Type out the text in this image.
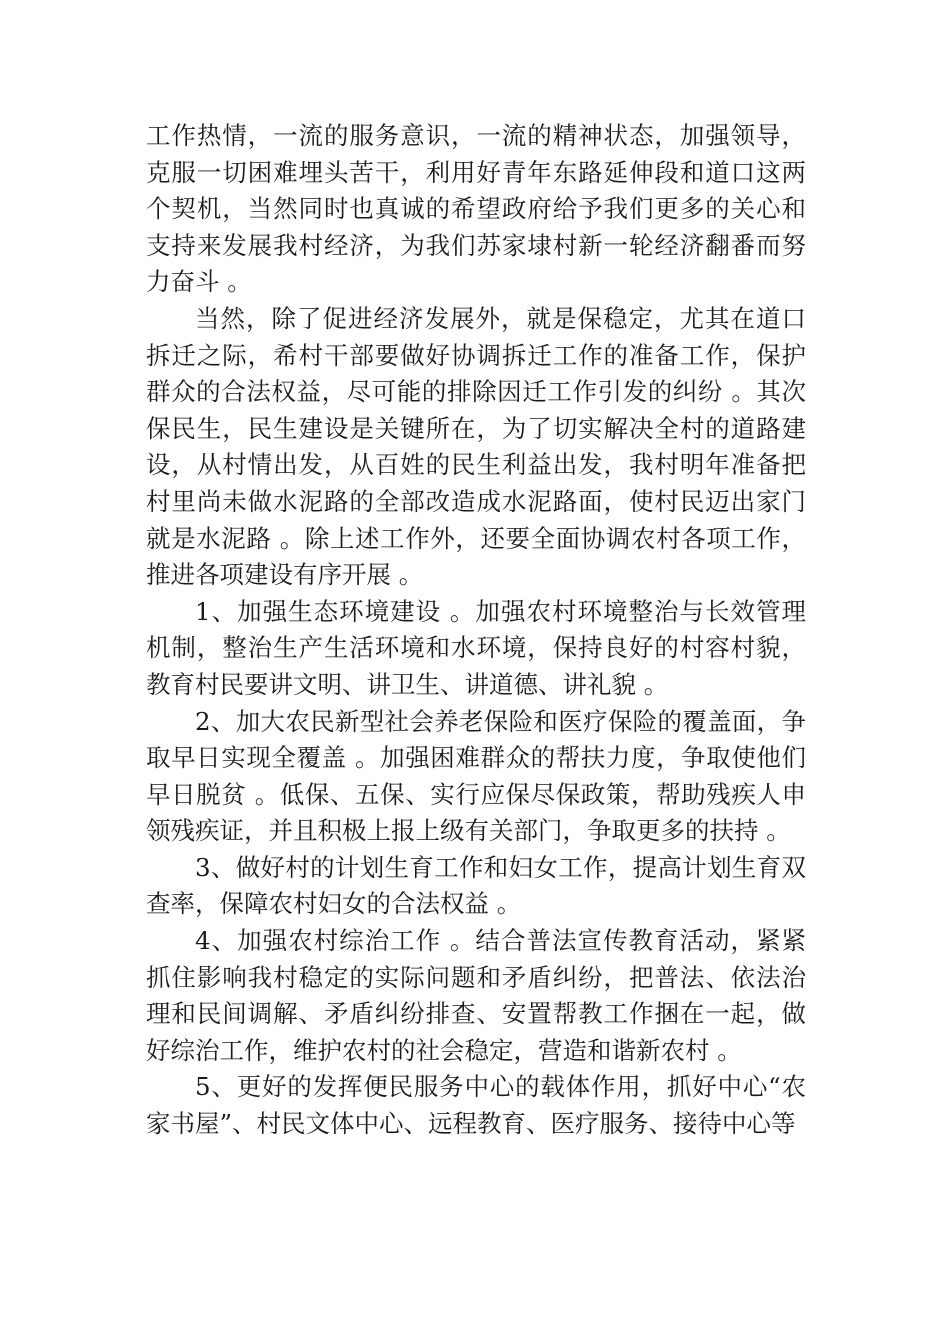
工作热情，一流的服务意识，一流的精神状态，加强领导，克服一切困难埋头苦干，利用好青年东路延伸段和道口这两个契机，当然同时也真诚的希望政府给予我们更多的关心和支持来发展我村经济，为我们苏家埭村新一轮经济翻番而努力奋斗 。

当然，除了促进经济发展外，就是保稳定，尤其在道口拆迁之际，希村干部要做好协调拆迁工作的准备工作，保护群众的合法权益，尽可能的排除因迁工作引发的纠纷 。其次保民生，民生建设是关键所在，为了切实解决全村的道路建设，从村情出发，从百姓的民生利益出发，我村明年准备把村里尚未做水泥路的全部改造成水泥路面，使村民迈出家门就是水泥路 。除上述工作外，还要全面协调农村各项工作，推进各项建设有序开展 。

1、加强生态环境建设 。加强农村环境整治与长效管理机制，整治生产生活环境和水环境，保持良好的村容村貌，教育村民要讲文明、讲卫生、讲道德、讲礼貌 。

2、加大农民新型社会养老保险和医疗保险的覆盖面，争取早日实现全覆盖 。加强困难群众的帮扶力度，争取使他们早日脱贫 。低保、五保、实行应保尽保政策，帮助残疾人申领残疾证，并且积极上报上级有关部门，争取更多的扶持 。

3、做好村的计划生育工作和妇女工作，提高计划生育双查率，保障农村妇女的合法权益 。

4、加强农村综治工作 。结合普法宣传教育活动，紧紧抓住影响我村稳定的实际问题和矛盾纠纷，把普法、依法治理和民间调解、矛盾纠纷排查、安置帮教工作捆在一起，做好综治工作，维护农村的社会稳定，营造和谐新农村 。

5、更好的发挥便民服务中心的载体作用，抓好中心“农家书屋”、村民文体中心、远程教育、医疗服务、接待中心等
